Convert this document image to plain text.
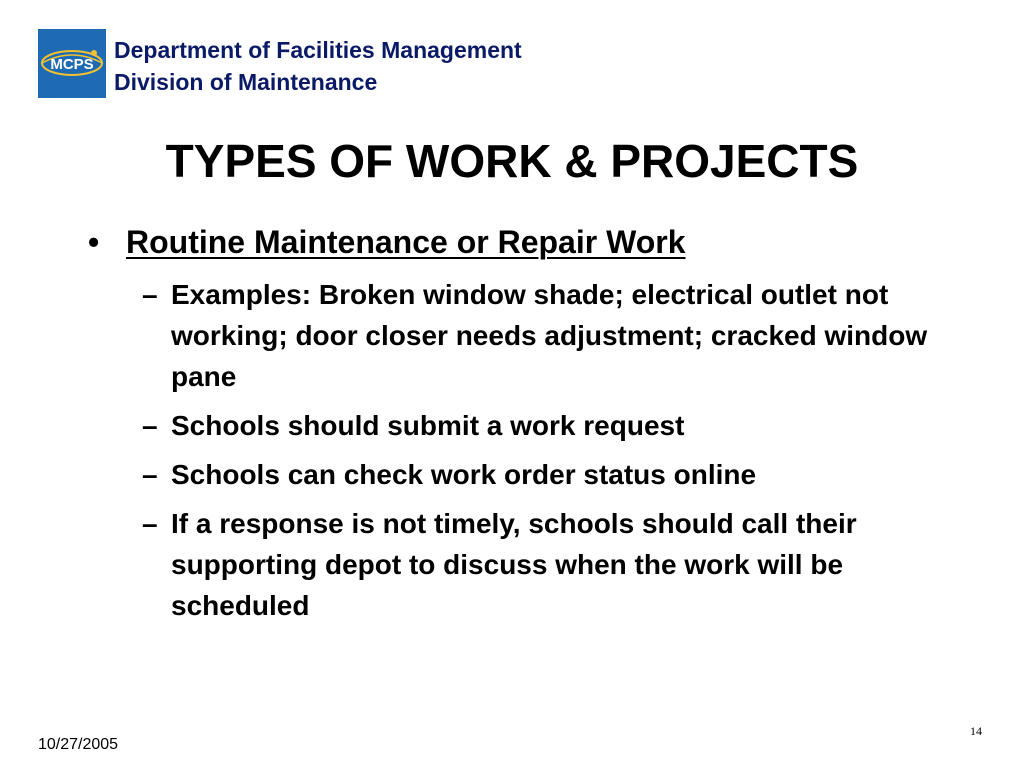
MCPS
Department of Facilities Management
Division of Maintenance
TYPES OF WORK & PROJECTS
• Routine Maintenance or Repair Work
– Examples: Broken window shade; electrical outlet not working; door closer needs adjustment; cracked window pane
– Schools should submit a work request
– Schools can check work order status online
– If a response is not timely, schools should call their supporting depot to discuss when the work will be scheduled
10/27/2005
14
